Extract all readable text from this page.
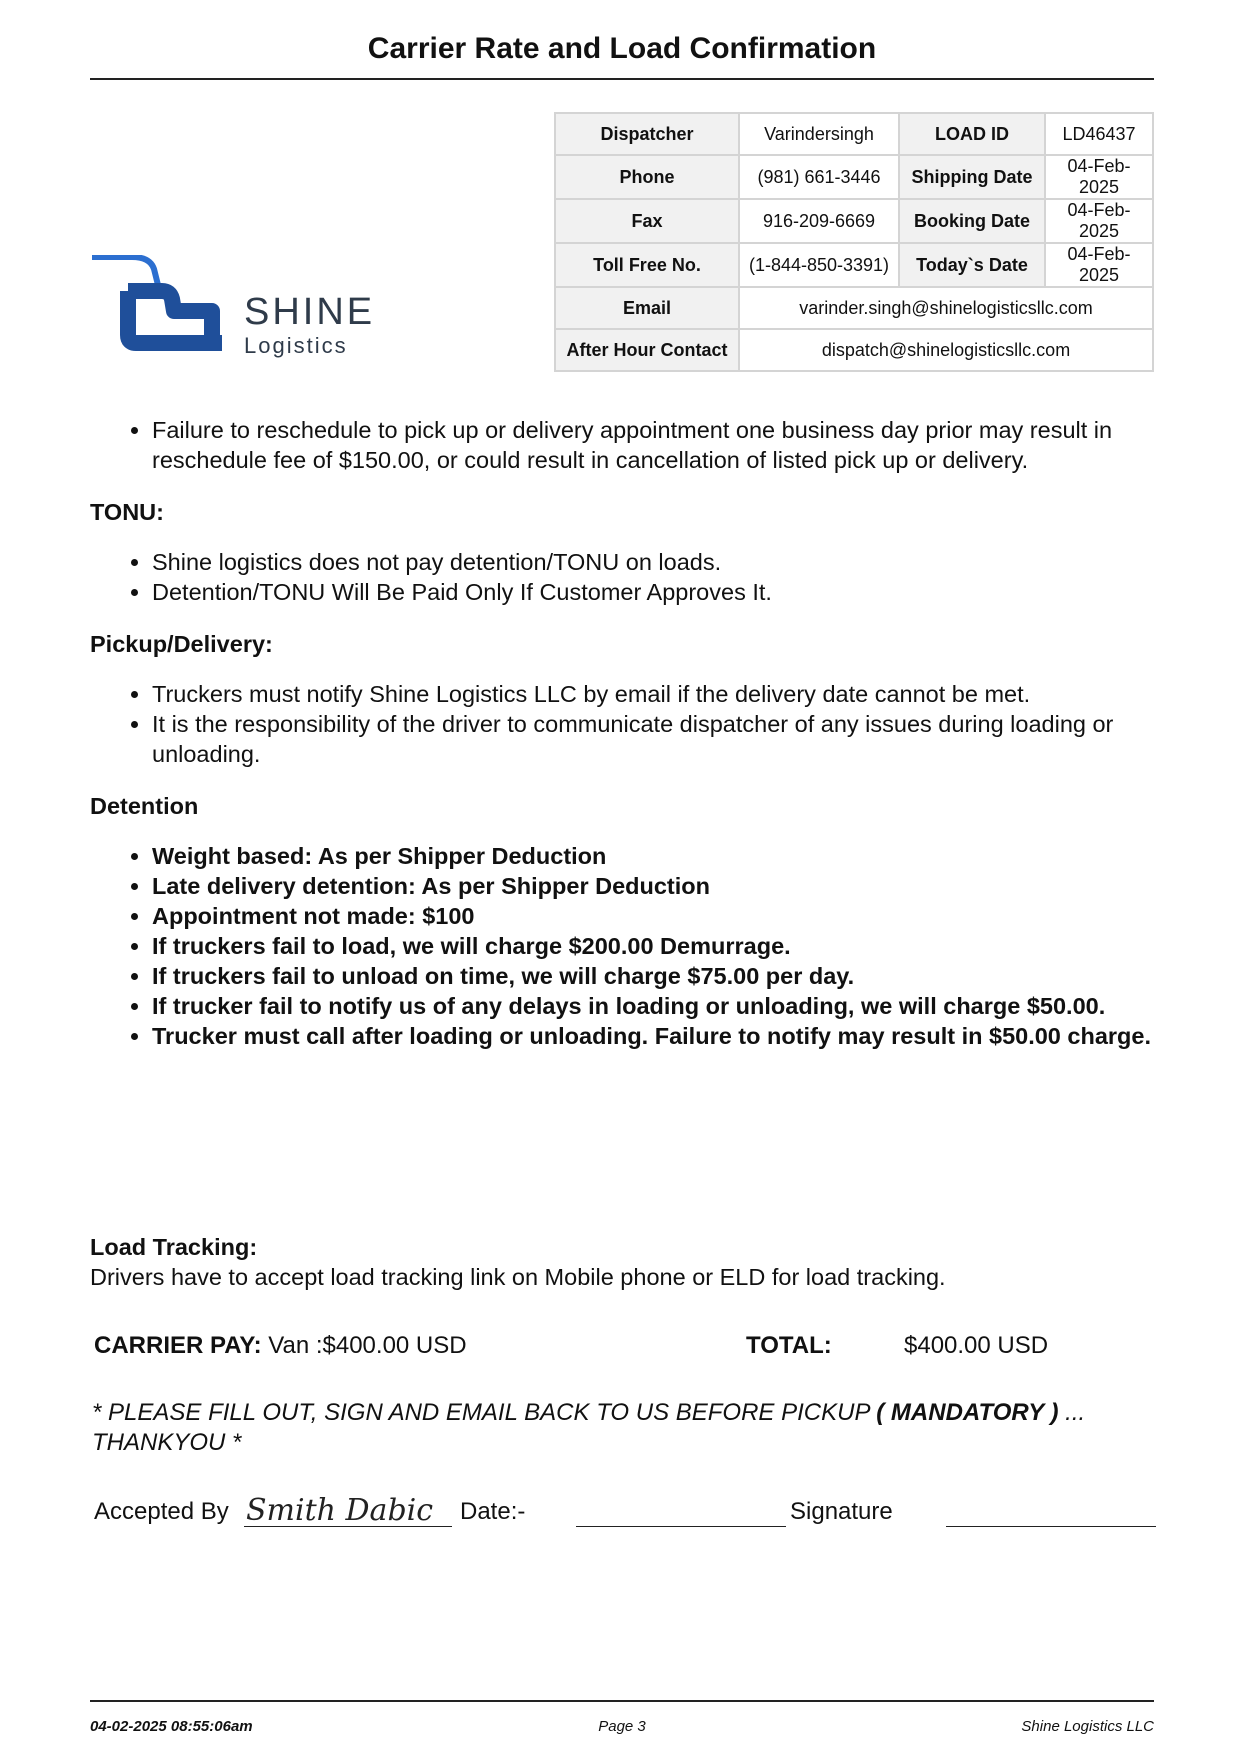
Carrier Rate and Load Confirmation
SHINE
Logistics
Dispatcher	Varindersingh	LOAD ID	LD46437
Phone	(981) 661-3446	Shipping Date	04-Feb-2025
Fax	916-209-6669	Booking Date	04-Feb-2025
Toll Free No.	(1-844-850-3391)	Today`s Date	04-Feb-2025
Email	varinder.singh@shinelogisticsllc.com		
After Hour Contact	dispatch@shinelogisticsllc.com		
• Failure to reschedule to pick up or delivery appointment one business day prior may result in reschedule fee of $150.00, or could result in cancellation of listed pick up or delivery.
TONU:
• Shine logistics does not pay detention/TONU on loads.
• Detention/TONU Will Be Paid Only If Customer Approves It.
Pickup/Delivery:
• Truckers must notify Shine Logistics LLC by email if the delivery date cannot be met.
• It is the responsibility of the driver to communicate dispatcher of any issues during loading or unloading.
Detention
• Weight based: As per Shipper Deduction
• Late delivery detention: As per Shipper Deduction
• Appointment not made: $100
• If truckers fail to load, we will charge $200.00 Demurrage.
• If truckers fail to unload on time, we will charge $75.00 per day.
• If trucker fail to notify us of any delays in loading or unloading, we will charge $50.00.
• Trucker must call after loading or unloading. Failure to notify may result in $50.00 charge.
Load Tracking:
Drivers have to accept load tracking link on Mobile phone or ELD for load tracking.
CARRIER PAY: Van :$400.00 USD	TOTAL:	$400.00 USD
* PLEASE FILL OUT, SIGN AND EMAIL BACK TO US BEFORE PICKUP ( MANDATORY ) ... THANKYOU *
Accepted By Smith Dabic Date:-	Signature
04-02-2025 08:55:06am	Page 3	Shine Logistics LLC
